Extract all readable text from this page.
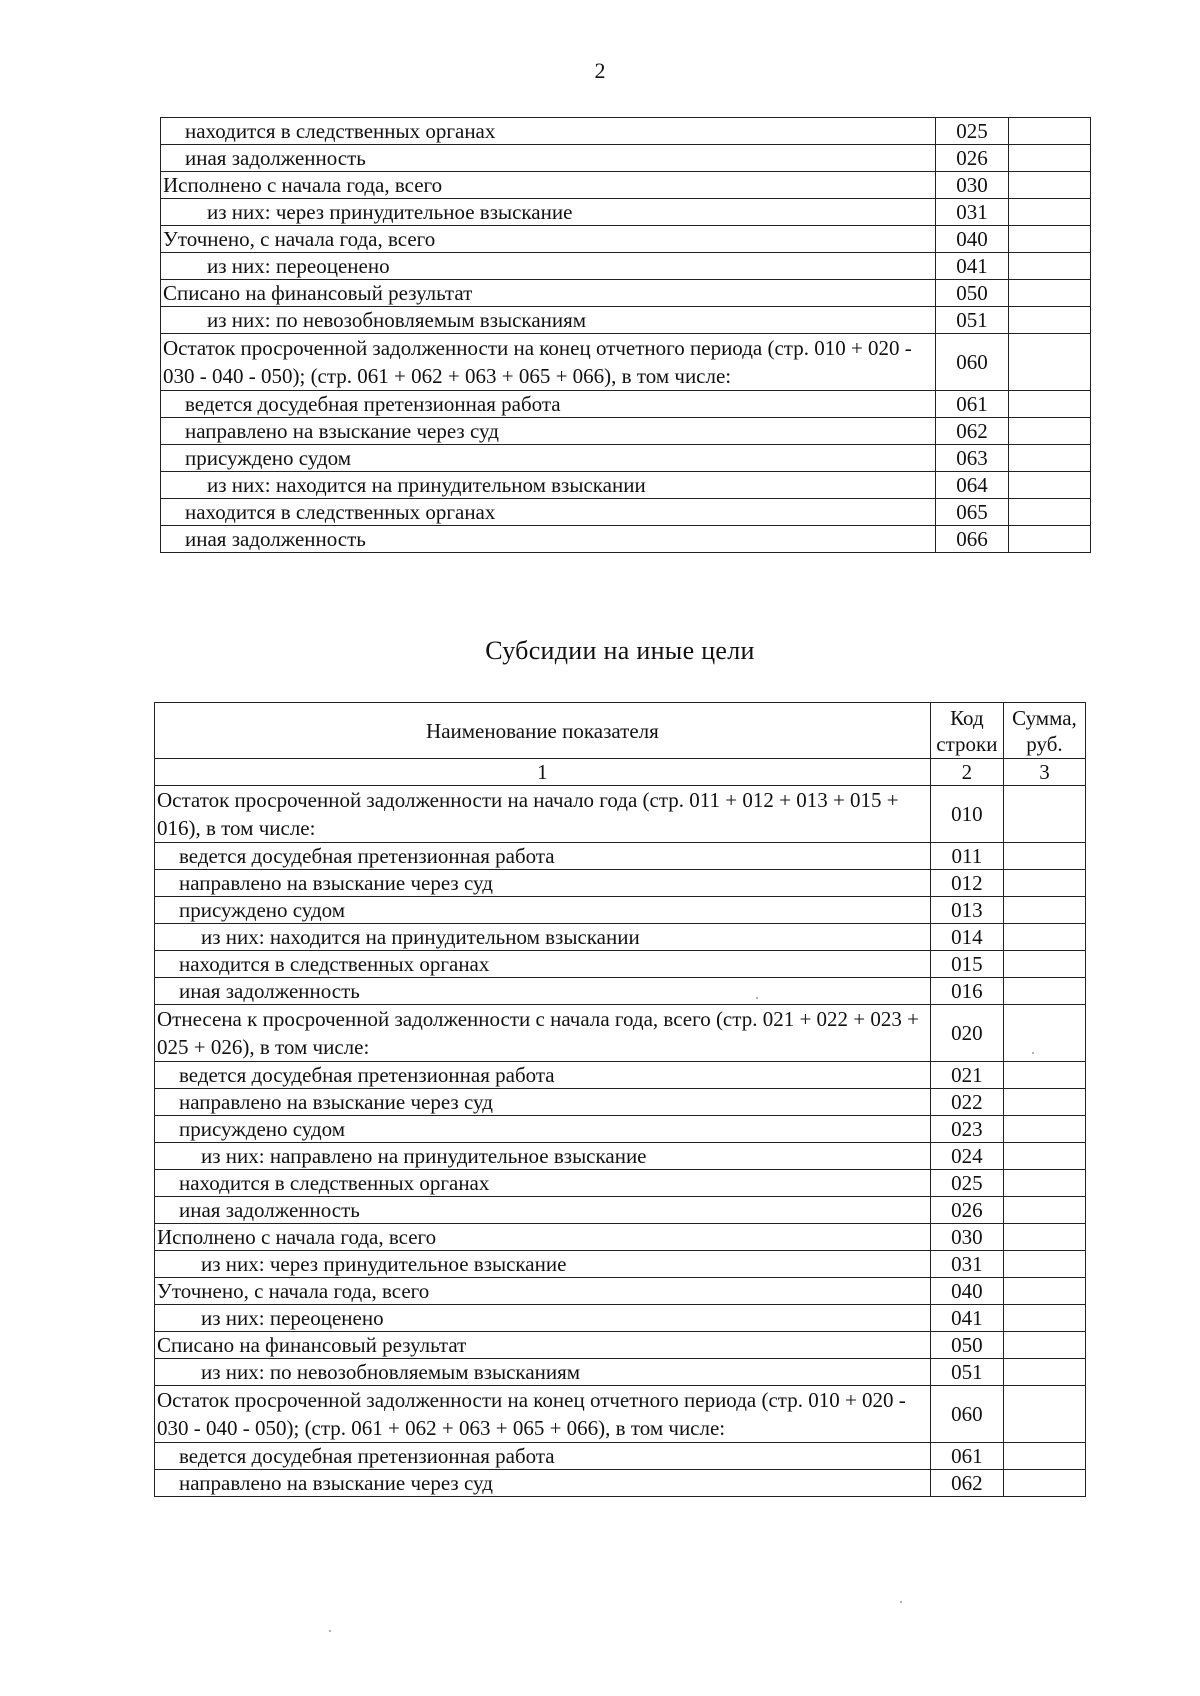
2
находится в следственных органах	025	
иная задолженность	026	
Исполнено с начала года, всего	030	
из них: через принудительное взыскание	031	
Уточнено, с начала года, всего	040	
из них: переоценено	041	
Списано на финансовый результат	050	
из них: по невозобновляемым взысканиям	051	
Остаток просроченной задолженности на конец отчетного периода (стр. 010 + 020 - 030 - 040 - 050); (стр. 061 + 062 + 063 + 065 + 066), в том числе:	060	
ведется досудебная претензионная работа	061	
направлено на взыскание через суд	062	
присуждено судом	063	
из них: находится на принудительном взыскании	064	
находится в следственных органах	065	
иная задолженность	066	
Субсидии на иные цели
Наименование показателя	Код строки	Сумма, руб.
1	2	3
Остаток просроченной задолженности на начало года (стр. 011 + 012 + 013 + 015 + 016), в том числе:	010	
ведется досудебная претензионная работа	011	
направлено на взыскание через суд	012	
присуждено судом	013	
из них: находится на принудительном взыскании	014	
находится в следственных органах	015	
иная задолженность	016	
Отнесена к просроченной задолженности с начала года, всего (стр. 021 + 022 + 023 + 025 + 026), в том числе:	020	
ведется досудебная претензионная работа	021	
направлено на взыскание через суд	022	
присуждено судом	023	
из них: направлено на принудительное взыскание	024	
находится в следственных органах	025	
иная задолженность	026	
Исполнено с начала года, всего	030	
из них: через принудительное взыскание	031	
Уточнено, с начала года, всего	040	
из них: переоценено	041	
Списано на финансовый результат	050	
из них: по невозобновляемым взысканиям	051	
Остаток просроченной задолженности на конец отчетного периода (стр. 010 + 020 - 030 - 040 - 050); (стр. 061 + 062 + 063 + 065 + 066), в том числе:	060	
ведется досудебная претензионная работа	061	
направлено на взыскание через суд	062	
